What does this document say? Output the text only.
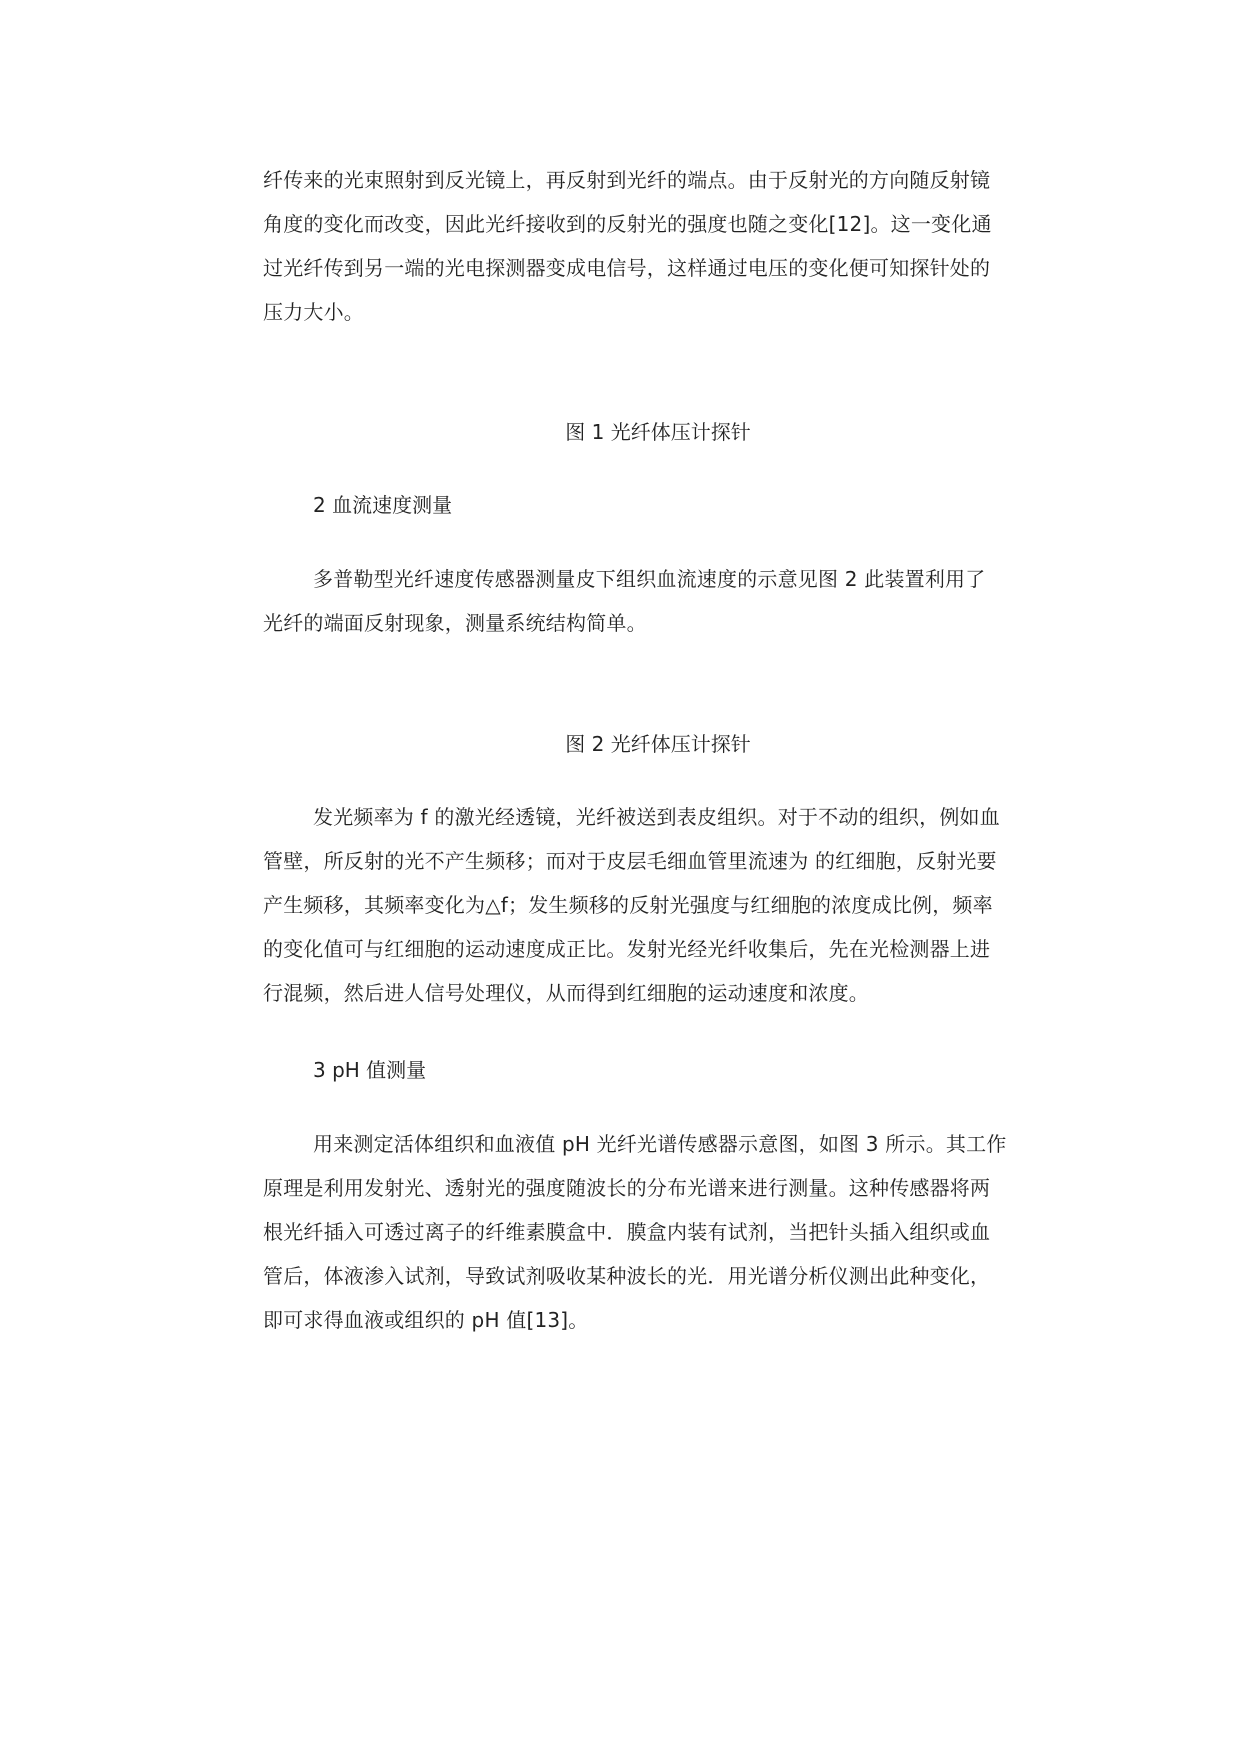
纤传来的光束照射到反光镜上，再反射到光纤的端点。由于反射光的方向随反射镜
角度的变化而改变，因此光纤接收到的反射光的强度也随之变化[12]。这一变化通
过光纤传到另一端的光电探测器变成电信号，这样通过电压的变化便可知探针处的
压力大小。
图 1 光纤体压计探针
2 血流速度测量
多普勒型光纤速度传感器测量皮下组织血流速度的示意见图 2 此装置利用了
光纤的端面反射现象，测量系统结构简单。
图 2 光纤体压计探针
发光频率为 f 的激光经透镜，光纤被送到表皮组织。对于不动的组织，例如血
管壁，所反射的光不产生频移；而对于皮层毛细血管里流速为 的红细胞，反射光要
产生频移，其频率变化为△f；发生频移的反射光强度与红细胞的浓度成比例，频率
的变化值可与红细胞的运动速度成正比。发射光经光纤收集后，先在光检测器上进
行混频，然后进人信号处理仪，从而得到红细胞的运动速度和浓度。
3 pH 值测量
用来测定活体组织和血液值 pH 光纤光谱传感器示意图，如图 3 所示。其工作
原理是利用发射光、透射光的强度随波长的分布光谱来进行测量。这种传感器将两
根光纤插入可透过离子的纤维素膜盒中．膜盒内装有试剂，当把针头插入组织或血
管后，体液渗入试剂，导致试剂吸收某种波长的光．用光谱分析仪测出此种变化，
即可求得血液或组织的 pH 值[13]。
